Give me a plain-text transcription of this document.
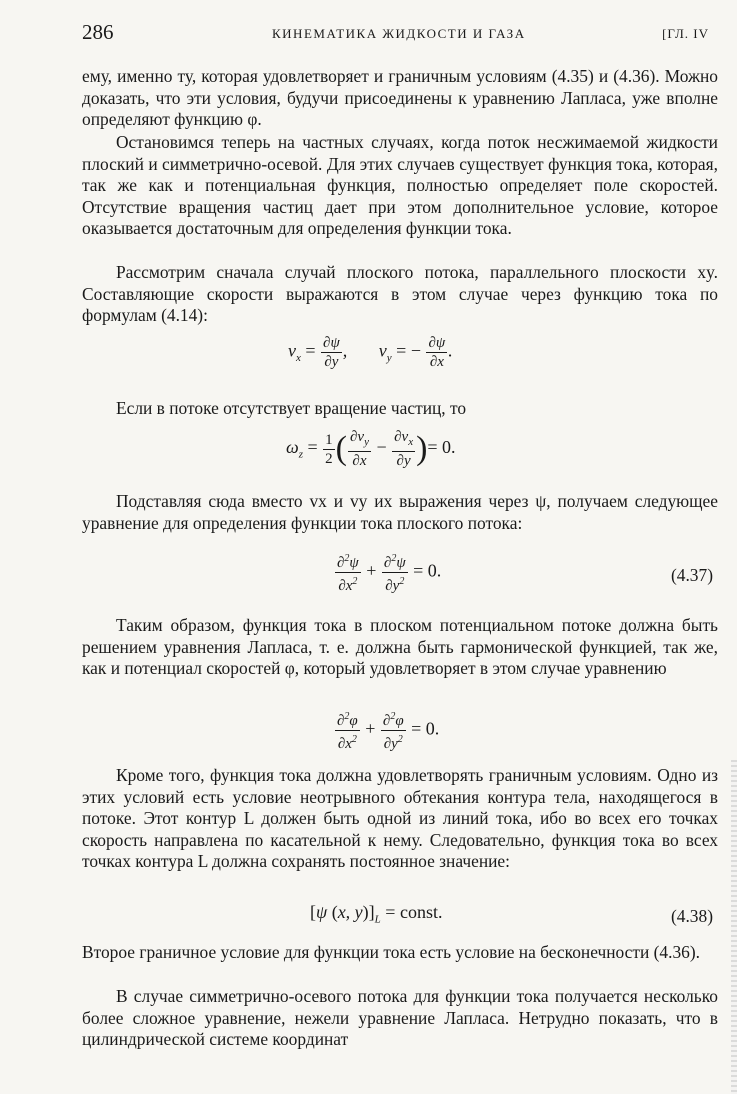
286	КИНЕМАТИКА ЖИДКОСТИ И ГАЗА	[ГЛ. IV
ему, именно ту, которая удовлетворяет и граничным условиям (4.35) и (4.36). Можно доказать, что эти условия, будучи присоединены к уравнению Лапласа, уже вполне определяют функцию φ.
Остановимся теперь на частных случаях, когда поток несжимаемой жидкости плоский и симметрично-осевой. Для этих случаев существует функция тока, которая, так же как и потенциальная функция, полностью определяет поле скоростей. Отсутствие вращения частиц дает при этом дополнительное условие, которое оказывается достаточным для определения функции тока.
Рассмотрим сначала случай плоского потока, параллельного плоскости xy. Составляющие скорости выражаются в этом случае через функцию тока по формулам (4.14):
$v_x = \frac{\partial\psi}{\partial y}$ ,       $v_y$ = − $\frac{\partial\psi}{\partial x}$ .
Если в потоке отсутствует вращение частиц, то
$\omega_z = \frac{1}{2}$ ( $\frac{\partial v_y}{\partial x} - \frac{\partial v_x}{\partial y}$ )= 0.
Подставляя сюда вместо vx и vy их выражения через ψ, получаем следующее уравнение для определения функции тока плоского потока:
$\frac{\partial^2\psi}{\partial x^2} + \frac{\partial^2\psi}{\partial y^2} = 0$.	(4.37)
Таким образом, функция тока в плоском потенциальном потоке должна быть решением уравнения Лапласа, т. е. должна быть гармонической функцией, так же, как и потенциал скоростей φ, который удовлетворяет в этом случае уравнению
$\frac{\partial^2\varphi}{\partial x^2} + \frac{\partial^2\varphi}{\partial y^2} = 0$.
Кроме того, функция тока должна удовлетворять граничным условиям. Одно из этих условий есть условие неотрывного обтекания контура тела, находящегося в потоке. Этот контур L должен быть одной из линий тока, ибо во всех его точках скорость направлена по касательной к нему. Следовательно, функция тока во всех точках контура L должна сохранять постоянное значение:
[ψ (x, $y)]_L$ = const.	(4.38)
Второе граничное условие для функции тока есть условие на бесконечности (4.36).
В случае симметрично-осевого потока для функции тока получается несколько более сложное уравнение, нежели уравнение Лапласа. Нетрудно показать, что в цилиндрической системе координат
